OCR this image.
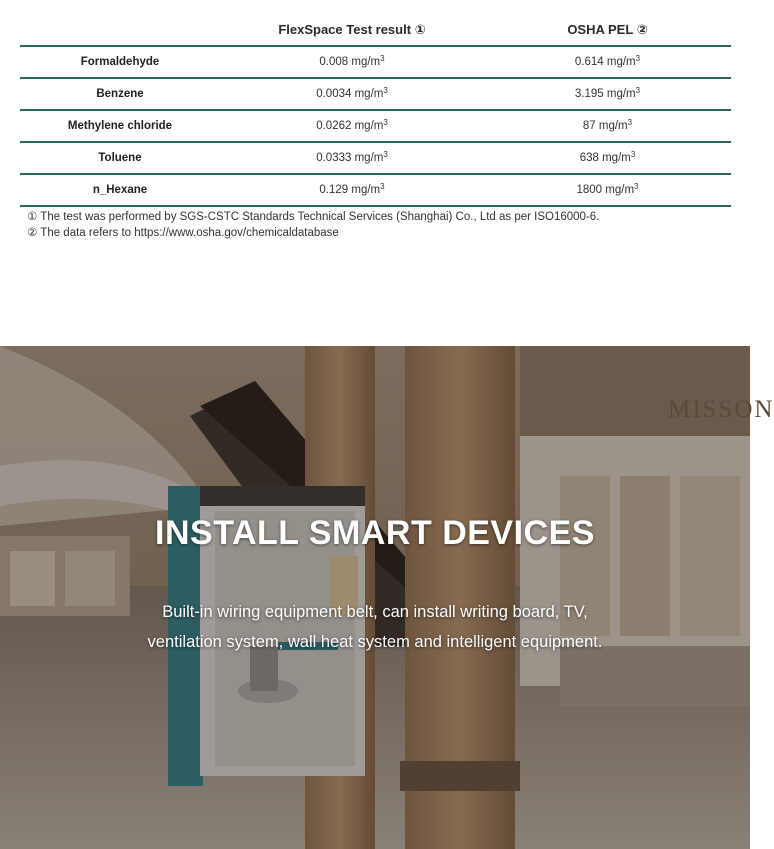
	FlexSpace Test result ①	OSHA PEL ②
Formaldehyde	0.008 $mg/m^3$	0.614 $mg/m^3$
Benzene	0.0034 $mg/m^3$	3.195 $mg/m^3$
Methylene chloride	0.0262 $mg/m^3$	87 $mg/m^3$
Toluene	0.0333 $mg/m^3$	638 $mg/m^3$
n_Hexane	0.129 $mg/m^3$	1800 $mg/m^3$
① The test was performed by SGS-CSTC Standards Technical Services (Shanghai) Co., Ltd as per ISO16000-6.
② The data refers to https://www.osha.gov/chemicaldatabase
MISSON
INSTALL SMART DEVICES
Built-in wiring equipment belt, can install writing board, TV,
ventilation system, wall heat system and intelligent equipment.
